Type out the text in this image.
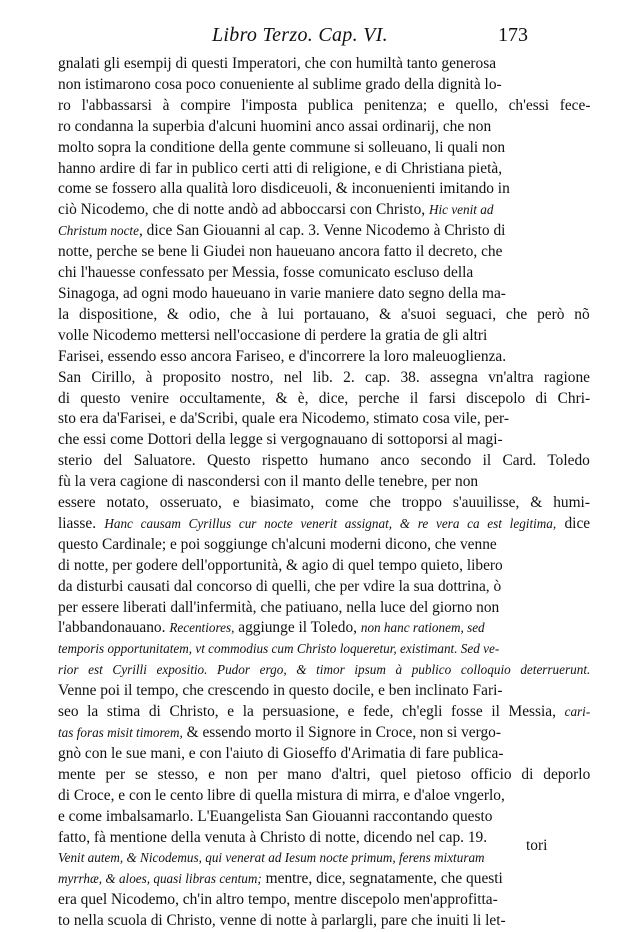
Libro Terzo. Cap. VI.	173
gnalati gli esempij di questi Imperatori, che con humiltà tanto generosa
non istimarono cosa poco conueniente al sublime grado della dignità lo-
ro l'abbassarsi à compire l'imposta publica penitenza; e quello, ch'essi fece-
ro condanna la superbia d'alcuni huomini anco assai ordinarij, che non
molto sopra la conditione della gente commune si solleuano, li quali non
hanno ardire di far in publico certi atti di religione, e di Christiana pietà,
come se fossero alla qualità loro disdiceuoli, & inconuenienti imitando in
ciò Nicodemo, che di notte andò ad abboccarsi con Christo, Hic venit ad
Christum nocte, dice San Giouanni al cap. 3. Venne Nicodemo à Christo di
notte, perche se bene li Giudei non haueuano ancora fatto il decreto, che
chi l'hauesse confessato per Messia, fosse comunicato escluso della
Sinagoga, ad ogni modo haueuano in varie maniere dato segno della ma-
la dispositione, & odio, che à lui portauano, & a'suoi seguaci, che però nõ
volle Nicodemo mettersi nell'occasione di perdere la gratia de gli altri
Farisei, essendo esso ancora Fariseo, e d'incorrere la loro maleuoglienza.
San Cirillo, à proposito nostro, nel lib. 2. cap. 38. assegna vn'altra ragione
di questo venire occultamente, & è, dice, perche il farsi discepolo di Chri-
sto era da'Farisei, e da'Scribi, quale era Nicodemo, stimato cosa vile, per-
che essi come Dottori della legge si vergognauano di sottoporsi al magi-
sterio del Saluatore. Questo rispetto humano anco secondo il Card. Toledo
fù la vera cagione di nascondersi con il manto delle tenebre, per non
essere notato, osseruato, e biasimato, come che troppo s'auuilisse, & humi-
liasse. Hanc causam Cyrillus cur nocte venerit assignat, & re vera ca est legitima, dice
questo Cardinale; e poi soggiunge ch'alcuni moderni dicono, che venne
di notte, per godere dell'opportunità, & agio di quel tempo quieto, libero
da disturbi causati dal concorso di quelli, che per vdire la sua dottrina, ò
per essere liberati dall'infermità, che patiuano, nella luce del giorno non
l'abbandonauano. Recentiores, aggiunge il Toledo, non hanc rationem, sed
temporis opportunitatem, vt commodius cum Christo loqueretur, existimant. Sed ve-
rior est Cyrilli expositio. Pudor ergo, & timor ipsum à publico colloquio deterruerunt.
Venne poi il tempo, che crescendo in questo docile, e ben inclinato Fari-
seo la stima di Christo, e la persuasione, e fede, ch'egli fosse il Messia, cari-
tas foras misit timorem, & essendo morto il Signore in Croce, non si vergo-
gnò con le sue mani, e con l'aiuto di Gioseffo d'Arimatia di fare publica-
mente per se stesso, e non per mano d'altri, quel pietoso officio di deporlo
di Croce, e con le cento libre di quella mistura di mirra, e d'aloe vngerlo,
e come imbalsamarlo. L'Euangelista San Giouanni raccontando questo
fatto, fà mentione della venuta à Christo di notte, dicendo nel cap. 19.
Venit autem, & Nicodemus, qui venerat ad Iesum nocte primum, ferens mixturam
myrrhæ, & aloes, quasi libras centum; mentre, dice, segnatamente, che questi
era quel Nicodemo, ch'in altro tempo, mentre discepolo men'approfitta-
to nella scuola di Christo, venne di notte à parlargli, pare che inuiti li let-
tori
